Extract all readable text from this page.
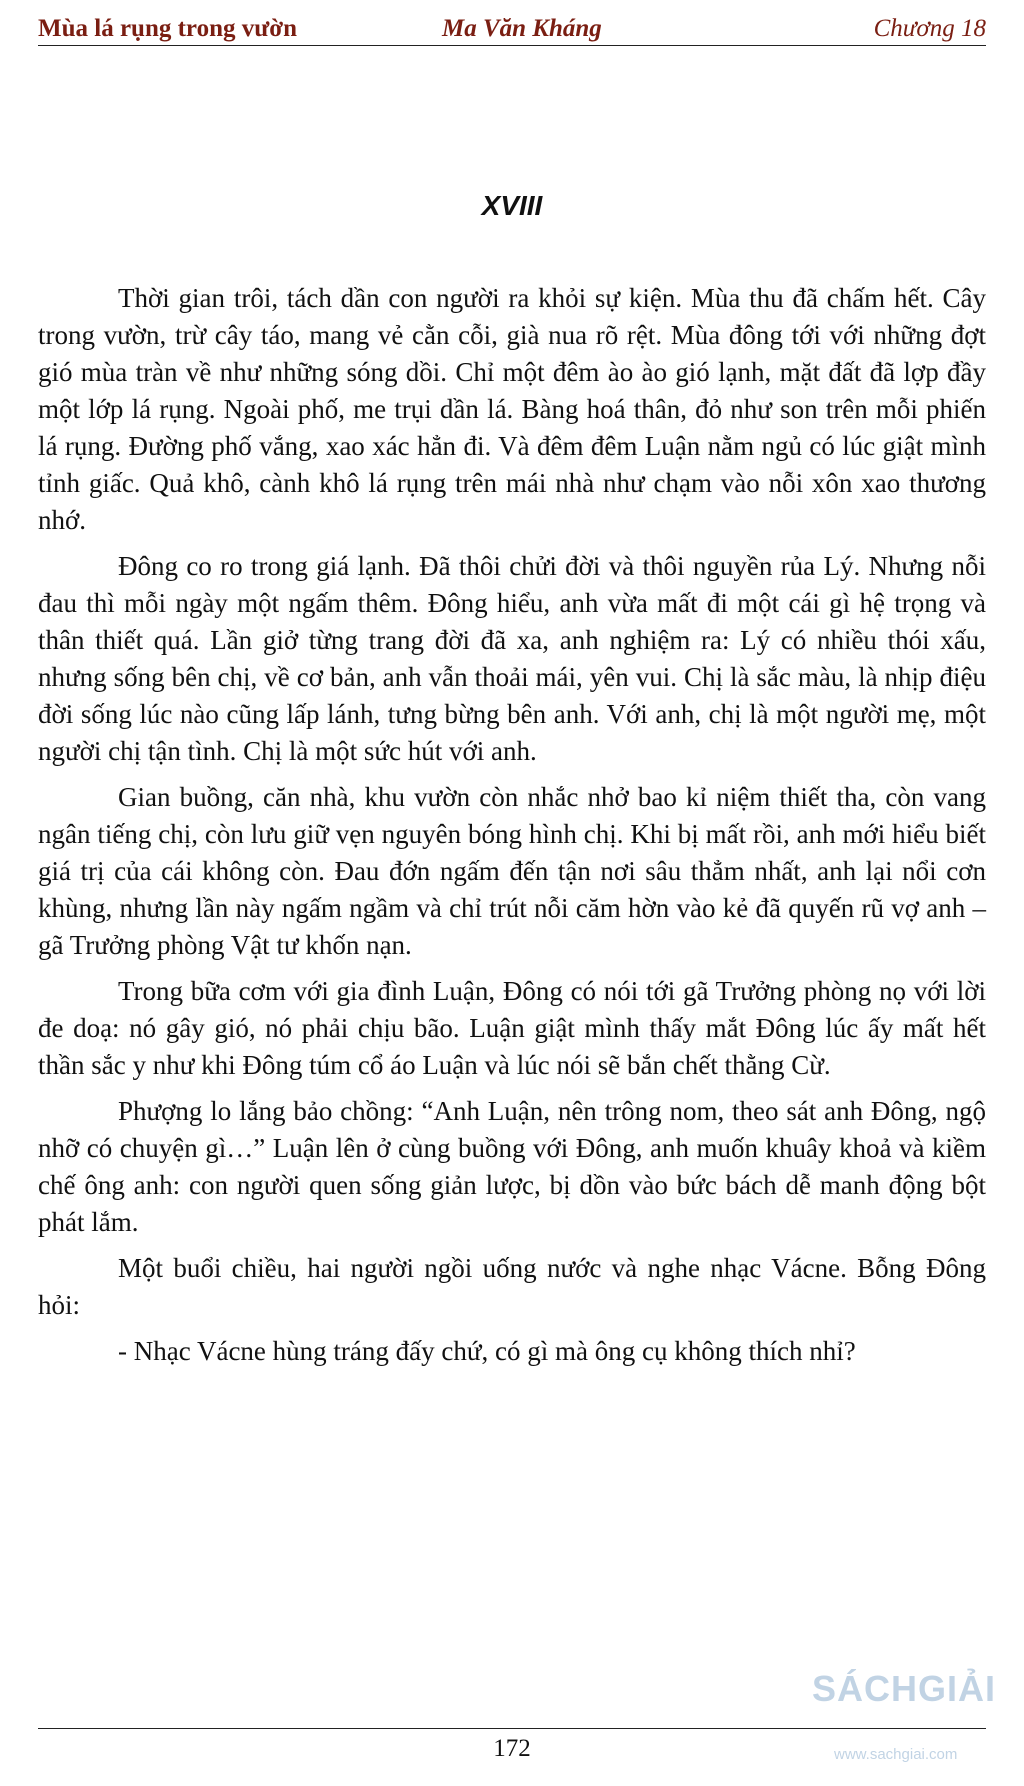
Mùa lá rụng trong vườn	Ma Văn Kháng	Chương 18
XVIII

Thời gian trôi, tách dần con người ra khỏi sự kiện. Mùa thu đã chấm hết. Cây trong vườn, trừ cây táo, mang vẻ cằn cỗi, già nua rõ rệt. Mùa đông tới với những đợt gió mùa tràn về như những sóng dồi. Chỉ một đêm ào ào gió lạnh, mặt đất đã lợp đầy một lớp lá rụng. Ngoài phố, me trụi dần lá. Bàng hoá thân, đỏ như son trên mỗi phiến lá rụng. Đường phố vắng, xao xác hẳn đi. Và đêm đêm Luận nằm ngủ có lúc giật mình tỉnh giấc. Quả khô, cành khô lá rụng trên mái nhà như chạm vào nỗi xôn xao thương nhớ.

Đông co ro trong giá lạnh. Đã thôi chửi đời và thôi nguyền rủa Lý. Nhưng nỗi đau thì mỗi ngày một ngấm thêm. Đông hiểu, anh vừa mất đi một cái gì hệ trọng và thân thiết quá. Lần giở từng trang đời đã xa, anh nghiệm ra: Lý có nhiều thói xấu, nhưng sống bên chị, về cơ bản, anh vẫn thoải mái, yên vui. Chị là sắc màu, là nhịp điệu đời sống lúc nào cũng lấp lánh, tưng bừng bên anh. Với anh, chị là một người mẹ, một người chị tận tình. Chị là một sức hút với anh.

Gian buồng, căn nhà, khu vườn còn nhắc nhở bao kỉ niệm thiết tha, còn vang ngân tiếng chị, còn lưu giữ vẹn nguyên bóng hình chị. Khi bị mất rồi, anh mới hiểu biết giá trị của cái không còn. Đau đớn ngấm đến tận nơi sâu thẳm nhất, anh lại nổi cơn khùng, nhưng lần này ngấm ngầm và chỉ trút nỗi căm hờn vào kẻ đã quyến rũ vợ anh – gã Trưởng phòng Vật tư khốn nạn.

Trong bữa cơm với gia đình Luận, Đông có nói tới gã Trưởng phòng nọ với lời đe doạ: nó gây gió, nó phải chịu bão. Luận giật mình thấy mắt Đông lúc ấy mất hết thần sắc y như khi Đông túm cổ áo Luận và lúc nói sẽ bắn chết thằng Cừ.

Phượng lo lắng bảo chồng: “Anh Luận, nên trông nom, theo sát anh Đông, ngộ nhỡ có chuyện gì…” Luận lên ở cùng buồng với Đông, anh muốn khuây khoả và kiềm chế ông anh: con người quen sống giản lược, bị dồn vào bức bách dễ manh động bột phát lắm.

Một buổi chiều, hai người ngồi uống nước và nghe nhạc Vácne. Bỗng Đông hỏi:

- Nhạc Vácne hùng tráng đấy chứ, có gì mà ông cụ không thích nhỉ?

172
SÁCHGIẢI
www.sachgiai.com
